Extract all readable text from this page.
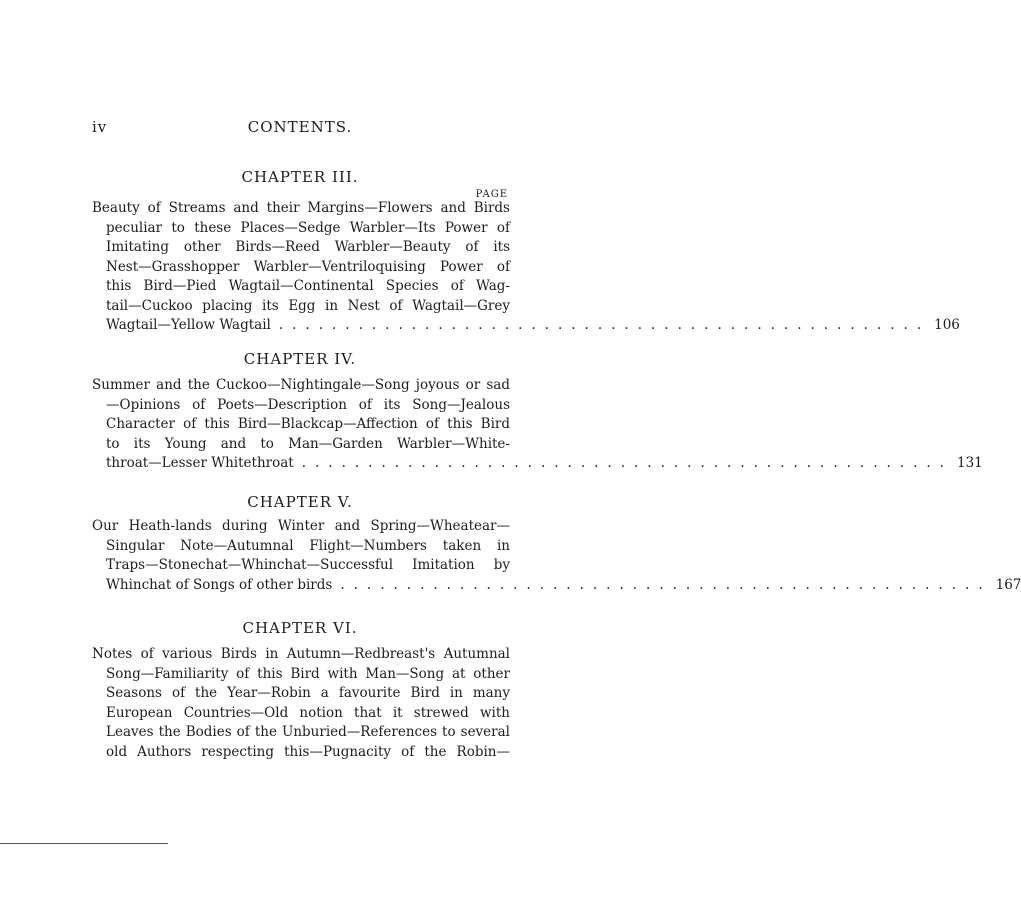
iv	CONTENTS.
CHAPTER III.
PAGE
Beauty of Streams and their Margins—Flowers and Birds
peculiar to these Places—Sedge Warbler—Its Power of
Imitating other Birds—Reed Warbler—Beauty of its
Nest—Grasshopper Warbler—Ventriloquising Power of
this Bird—Pied Wagtail—Continental Species of Wag-
tail—Cuckoo placing its Egg in Nest of Wagtail—Grey
Wagtail—Yellow Wagtail ................................................. 106
CHAPTER IV.
Summer and the Cuckoo—Nightingale—Song joyous or sad
—Opinions of Poets—Description of its Song—Jealous
Character of this Bird—Blackcap—Affection of this Bird
to its Young and to Man—Garden Warbler—White-
throat—Lesser Whitethroat ................................................. 131
CHAPTER V.
Our Heath-lands during Winter and Spring—Wheatear—
Singular Note—Autumnal Flight—Numbers taken in
Traps—Stonechat—Whinchat—Successful Imitation by
Whinchat of Songs of other birds ................................................. 167
CHAPTER VI.
Notes of various Birds in Autumn—Redbreast's Autumnal
Song—Familiarity of this Bird with Man—Song at other
Seasons of the Year—Robin a favourite Bird in many
European Countries—Old notion that it strewed with
Leaves the Bodies of the Unburied—References to several
old Authors respecting this—Pugnacity of the Robin—
